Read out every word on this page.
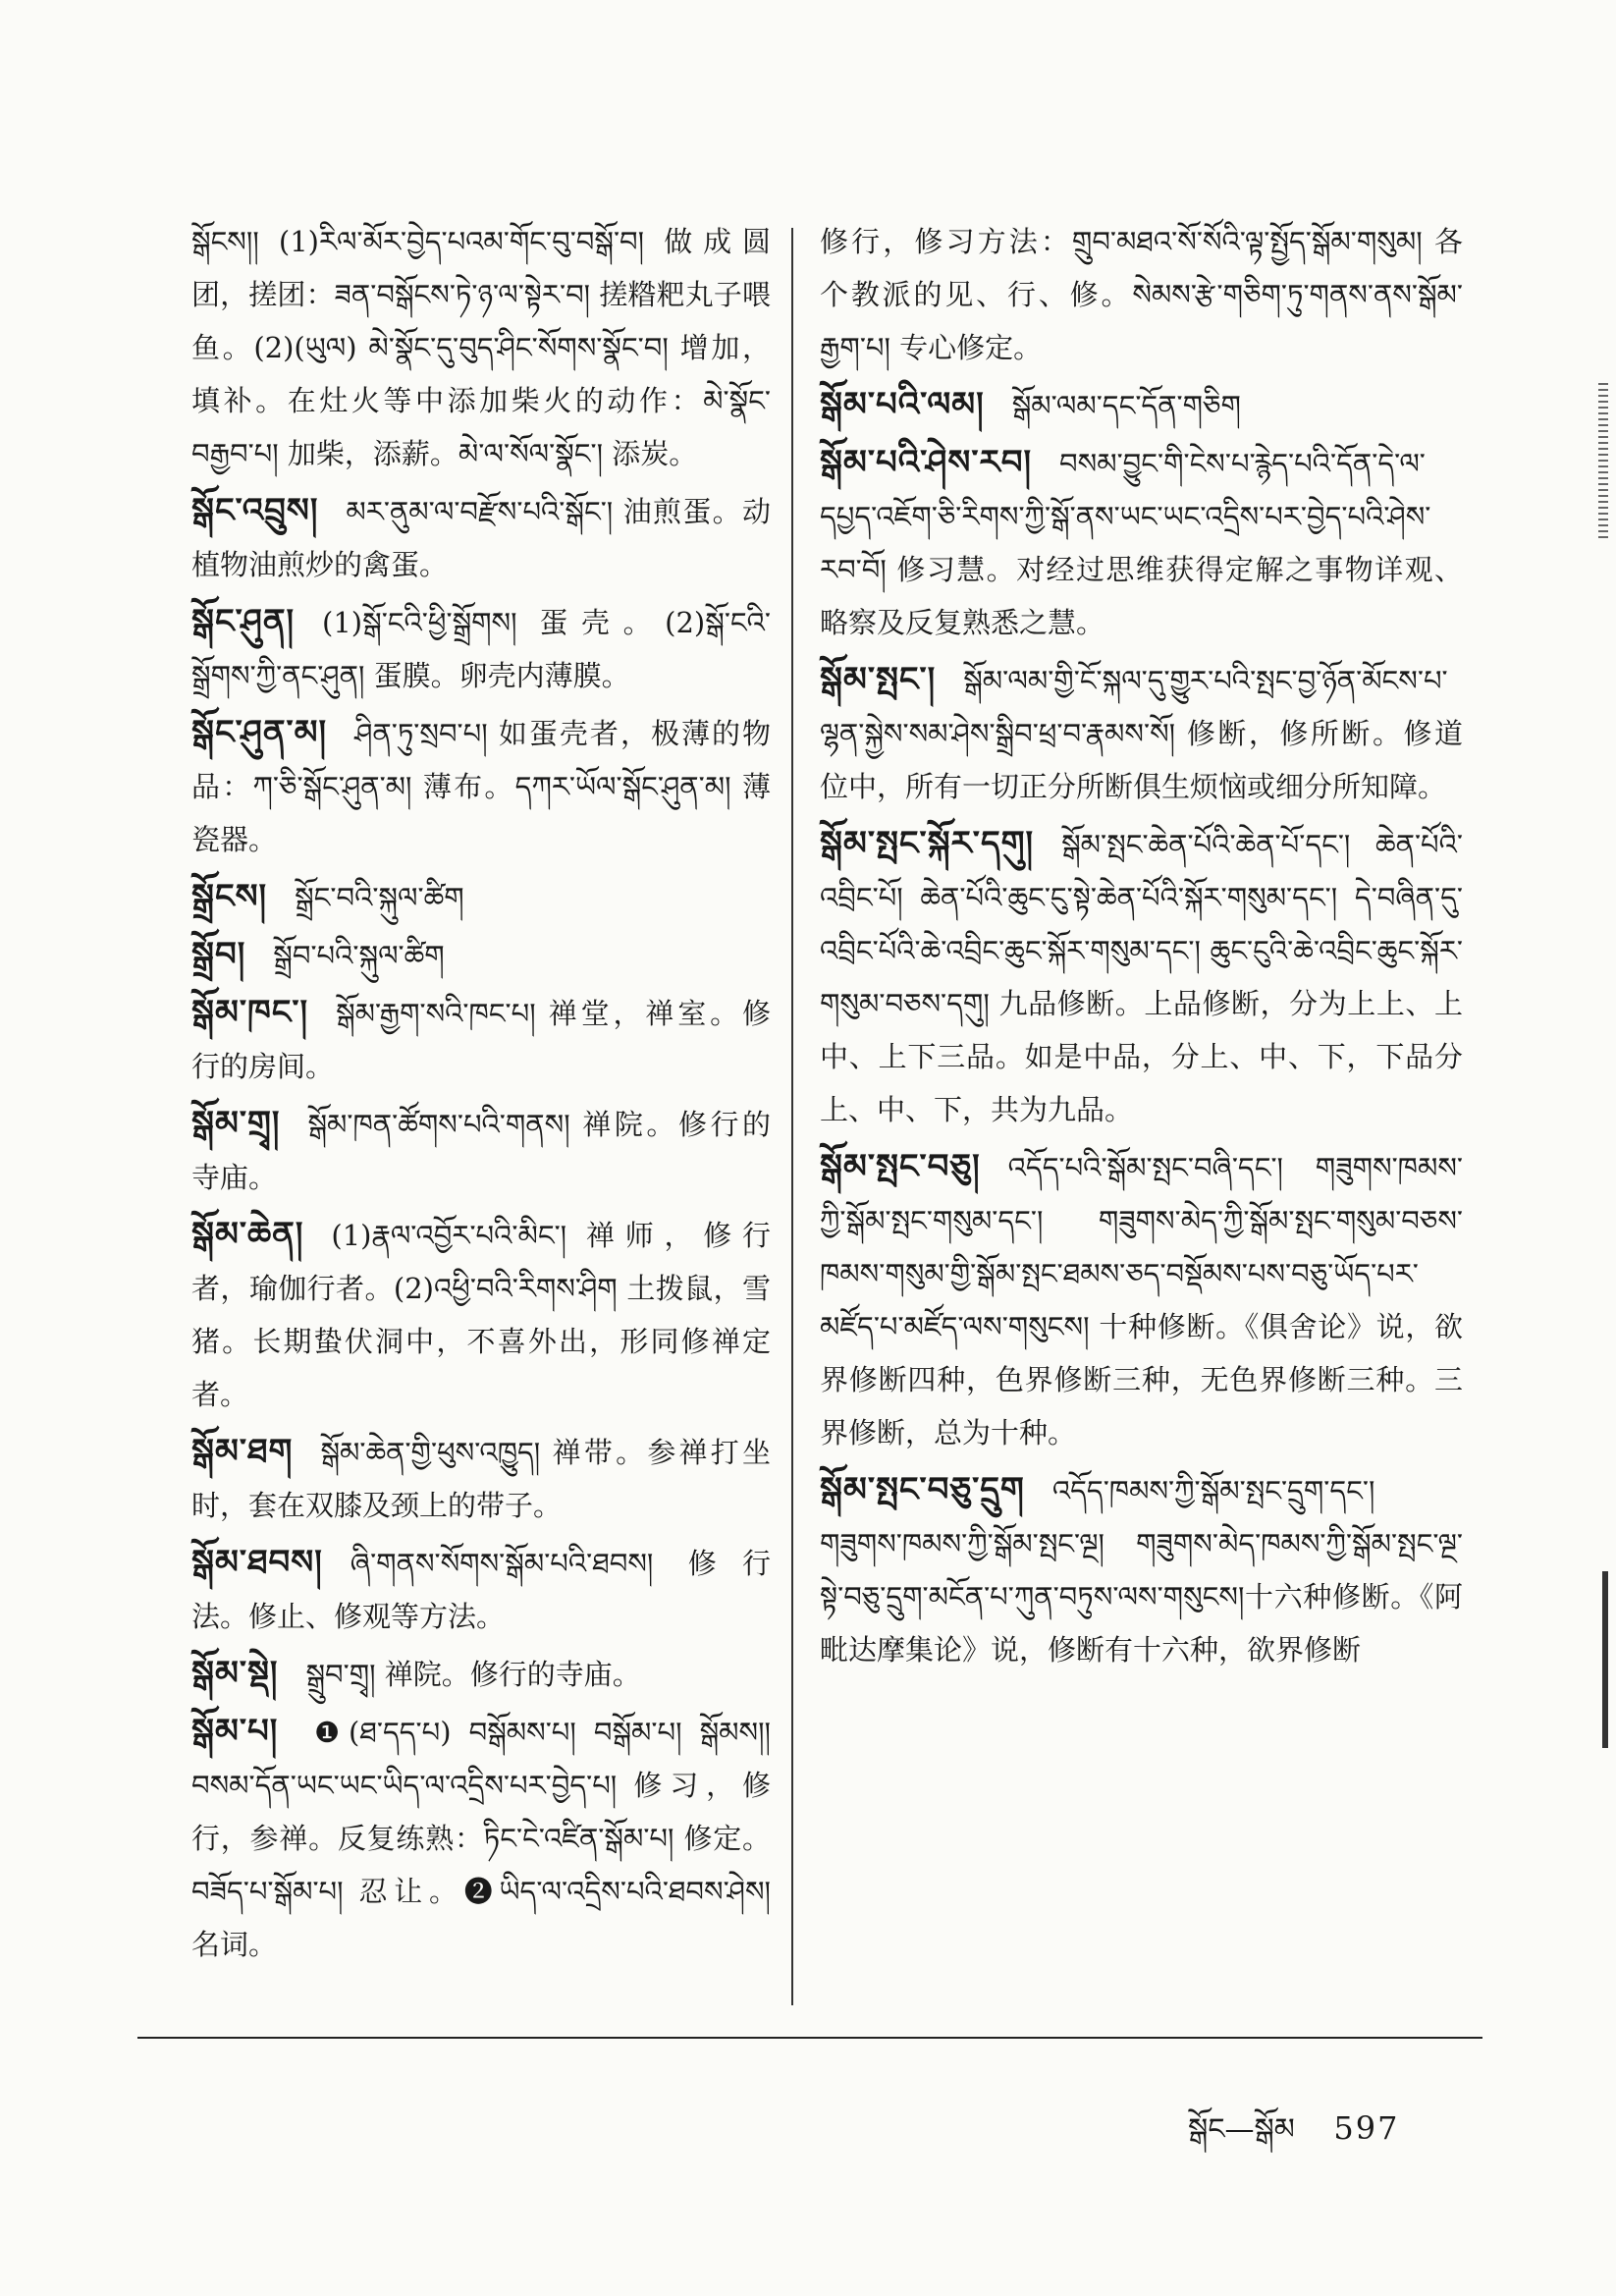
སྒོངས།། (1)རིལ་མོར་བྱེད་པའམ་གོང་བུ་བསྒོ་བ། 做成圆团，搓团：ཟན་བསྒོངས་ཏེ་ཉ་ལ་སྟེར་བ། 搓糌粑丸子喂鱼。(2)(ཡུལ) མེ་སྣོང་དུ་བུད་ཤིང་སོགས་སྣོང་བ། 增加，填补。在灶火等中添加柴火的动作：མེ་སྣོང་བརྒྱབ་པ། 加柴，添薪。མེ་ལ་སོལ་སྣོང་། 添炭。
སྒོང་འབྲུས། མར་ནུམ་ལ་བརྫོས་པའི་སྒོང་། 油煎蛋。动植物油煎炒的禽蛋。
སྒོང་ཤུན། (1)སྒོ་ངའི་ཕྱི་སྒྲོགས། 蛋壳。(2)སྒོ་ངའི་སྒྲོགས་ཀྱི་ནང་ཤུན། 蛋膜。卵壳内薄膜。
སྒོང་ཤུན་མ། ཤིན་ཏུ་སྲབ་པ། 如蛋壳者，极薄的物品：ཀ་ཅི་སྒོང་ཤུན་མ། 薄布。དཀར་ཡོལ་སྒོང་ཤུན་མ། 薄瓷器。
སྒྲོངས། སྒྲོང་བའི་སྐུལ་ཚིག
སྒྲོབ། སྒྲོབ་པའི་སྐུལ་ཚིག
སྒོམ་ཁང་། སྒོམ་རྒྱག་སའི་ཁང་པ། 禅堂，禅室。修行的房间。
སྒོམ་གྲྭ། སྒོམ་ཁན་ཚོགས་པའི་གནས། 禅院。修行的寺庙。
སྒོམ་ཆེན། (1)རྣལ་འབྱོར་པའི་མིང་། 禅师，修行者，瑜伽行者。(2)འཕྱི་བའི་རིགས་ཤིག 土拨鼠，雪猪。长期蛰伏洞中，不喜外出，形同修禅定者。
སྒོམ་ཐག སྒོམ་ཆེན་གྱི་ཕུས་འཁྱུད། 禅带。参禅打坐时，套在双膝及颈上的带子。
སྒོམ་ཐབས། ཞི་གནས་སོགས་སྒོམ་པའི་ཐབས། 修行法。修止、修观等方法。
སྒོམ་སྡེ། སྒྲུབ་གྲྭ། 禅院。修行的寺庙。
སྒོམ་པ། ❶(ཐ་དད་པ) བསྒོམས་པ། བསྒོམ་པ། སྒོམས།། བསམ་དོན་ཡང་ཡང་ཡིད་ལ་འདྲིས་པར་བྱེད་པ། 修习，修行，参禅。反复练熟：ཏིང་ངེ་འཛིན་སྒོམ་པ། 修定。བཟོད་པ་སྒོམ་པ། 忍让。❷ཡིད་ལ་འདྲིས་པའི་ཐབས་ཤེས། 名词。
修行，修习方法：གྲུབ་མཐའ་སོ་སོའི་ལྟ་སྤྱོད་སྒོམ་གསུམ། 各个教派的见、行、修。སེམས་རྩེ་གཅིག་ཏུ་གནས་ནས་སྒོམ་རྒྱག་པ། 专心修定。
སྒོམ་པའི་ལམ། སྒོམ་ལམ་དང་དོན་གཅིག
སྒོམ་པའི་ཤེས་རབ། བསམ་བྱུང་གི་ངེས་པ་རྙེད་པའི་དོན་དེ་ལ་དཔྱད་འཇོག་ཅི་རིགས་ཀྱི་སྒོ་ནས་ཡང་ཡང་འདྲིས་པར་བྱེད་པའི་ཤེས་རབ་བོ། 修习慧。对经过思维获得定解之事物详观、略察及反复熟悉之慧。
སྒོམ་སྤང་། སྒོམ་ལམ་གྱི་ངོ་སྐལ་དུ་གྱུར་པའི་སྤང་བྱ་ཉོན་མོངས་པ་ལྷན་སྐྱེས་སམ་ཤེས་སྒྲིབ་ཕྲ་བ་རྣམས་སོ། 修断，修所断。修道位中，所有一切正分所断俱生烦恼或细分所知障。
སྒོམ་སྤང་སྐོར་དགུ། སྒོམ་སྤང་ཆེན་པོའི་ཆེན་པོ་དང་། ཆེན་པོའི་འབྲིང་པོ། ཆེན་པོའི་ཆུང་ངུ་སྟེ་ཆེན་པོའི་སྐོར་གསུམ་དང་། དེ་བཞིན་དུ་འབྲིང་པོའི་ཆེ་འབྲིང་ཆུང་སྐོར་གསུམ་དང་། ཆུང་ངུའི་ཆེ་འབྲིང་ཆུང་སྐོར་གསུམ་བཅས་དགུ། 九品修断。上品修断，分为上上、上中、上下三品。如是中品，分上、中、下，下品分上、中、下，共为九品。
སྒོམ་སྤང་བཅུ། འདོད་པའི་སྒོམ་སྤང་བཞི་དང་། གཟུགས་ཁམས་ཀྱི་སྒོམ་སྤང་གསུམ་དང་། གཟུགས་མེད་ཀྱི་སྒོམ་སྤང་གསུམ་བཅས་ཁམས་གསུམ་གྱི་སྒོམ་སྤང་ཐམས་ཅད་བསྡོམས་པས་བཅུ་ཡོད་པར་མཛོད་པ་མཛོད་ལས་གསུངས། 十种修断。《俱舍论》说，欲界修断四种，色界修断三种，无色界修断三种。三界修断，总为十种。
སྒོམ་སྤང་བཅུ་དྲུག འདོད་ཁམས་ཀྱི་སྒོམ་སྤང་དྲུག་དང་། གཟུགས་ཁམས་ཀྱི་སྒོམ་སྤང་ལྔ། གཟུགས་མེད་ཁམས་ཀྱི་སྒོམ་སྤང་ལྔ་སྟེ་བཅུ་དྲུག་མངོན་པ་ཀུན་བཏུས་ལས་གསུངས།十六种修断。《阿毗达摩集论》说，修断有十六种，欲界修断
སྒོང—སྒོམ 597
